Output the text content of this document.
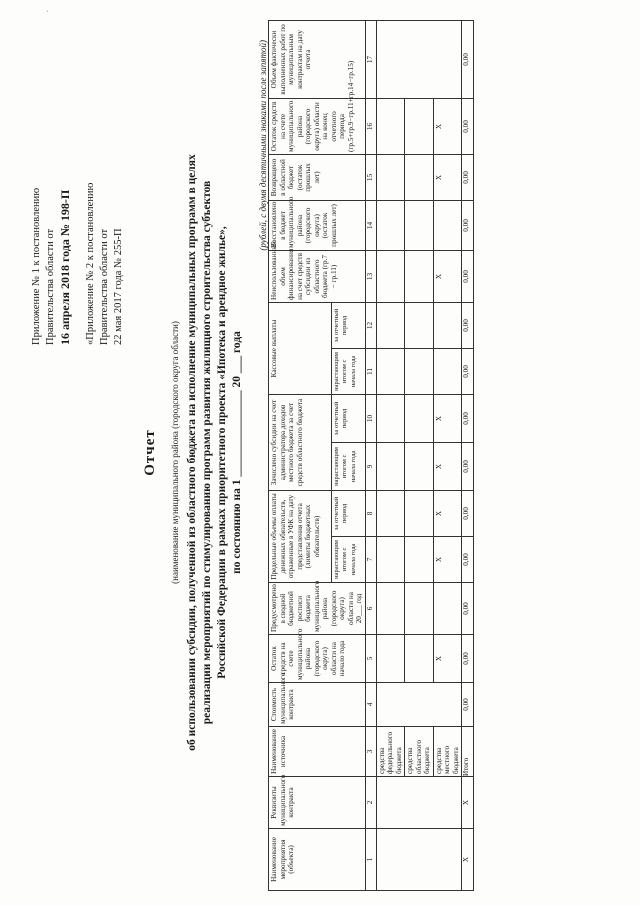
Приложение № 1 к постановлению Правительства области от 16 апреля 2018 года № 198-П «Приложение № 2 к постановлению Правительства области от 22 мая 2017 года № 255-П
Отчет (наименование муниципального района (городского округа области) об использовании субсидии, полученной из областного бюджета на исполнение муниципальных программ в целях реализации мероприятий по стимулированию программ развития жилищного строительства субъектов Российской Федерации в рамках приоритетного проекта «Ипотека и арендное жилье», по состоянию на 1 _______________ 20 ___ года
(рублей, с двумя десятичными знаками после запятой)
Наименование мероприятия (объекта)	Реквизиты муниципального контракта	Наименование источника	Стоимость муниципального контракта	Остаток средств на счете муниципального района (городского округа) области на начало года	Предусмотрено в сводной бюджетной росписи бюджета муниципального района (городского округа) области на 20___ год	Предельные объемы оплаты денежных обязательств, отраженные в УФК на дату представления отчета (лимиты бюджетных обязательств)		Зачислено субсидии на счет администратора доходов местного бюджета за счет средств областного бюджета		Кассовые выплаты		Неиспользованный объем финансирования на счет средств субсидии из областного бюджета (гр.7 − гр.11)	Восстановлено в бюджет муниципального района (городского округа) (остаток прошлых лет)	Возвращено в областной бюджет (остаток прошлых лет)	Остаток средств на счете муниципального района (городского округа) области на конец отчетного периода (гр.5+гр.9−гр.11+гр.14−гр.15)	Объем фактически выполненных работ по муниципальным контрактам на дату отчета
						нарастающим итогом с начала года	за отчетный период	нарастающим итогом с начала года	за отчетный период	нарастающим итогом с начала года	за отчетный период					
1	2	3	4	5	6	7	8	9	10	11	12	13	14	15	16	17
		средства федерального бюджета														
		средства областного бюджета														
		средства местного бюджета		X		X	X	X	X			X		X	X	
X	X	Итого	0,00	0,00	0,00	0,00	0,00	0,00	0,00	0,00	0,00	0,00	0,00	0,00	0,00	0,00
.
